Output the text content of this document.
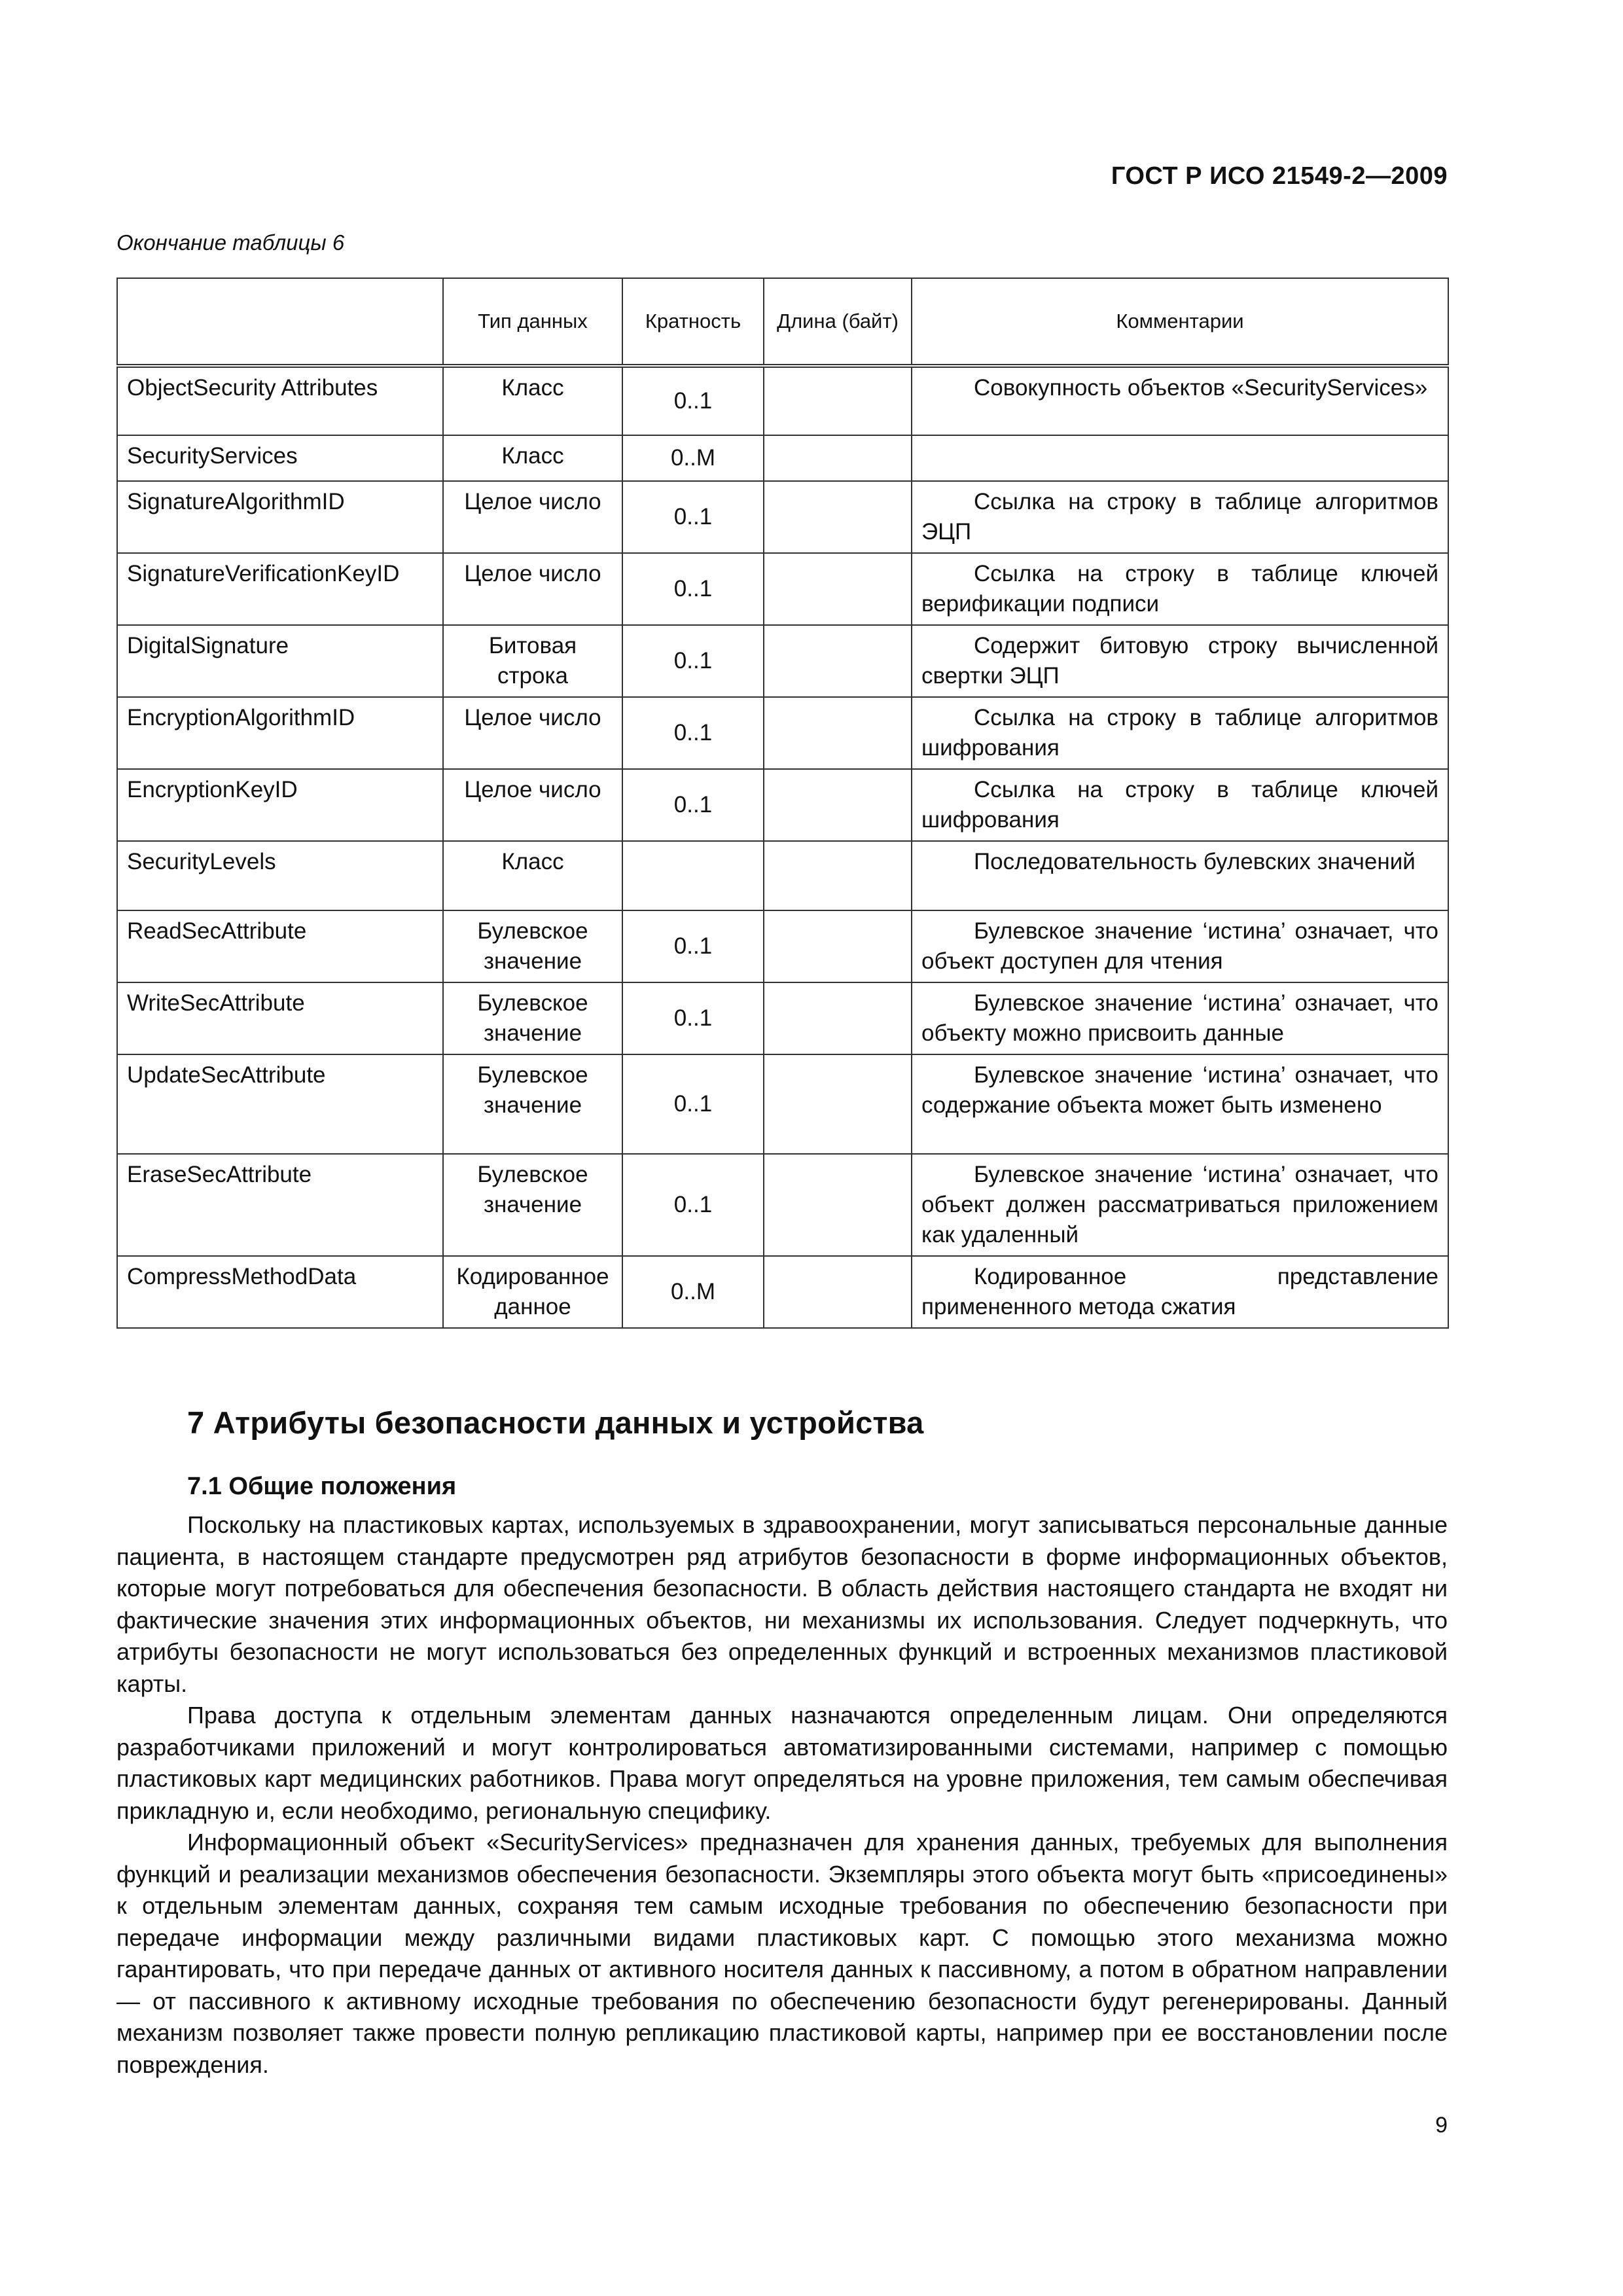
ГОСТ Р ИСО 21549-2—2009
Окончание таблицы 6
	Тип данных	Кратность	Длина (байт)	Комментарии
ObjectSecurity Attributes	Класс	0..1		Совокупность объектов «SecurityServices»
SecurityServices	Класс	0..M		
SignatureAlgorithmID	Целое число	0..1		Ссылка на строку в таблице алгоритмов ЭЦП
SignatureVerificationKeyID	Целое число	0..1		Ссылка на строку в таблице ключей верификации подписи
DigitalSignature	Битовая строка	0..1		Содержит битовую строку вычисленной свертки ЭЦП
EncryptionAlgorithmID	Целое число	0..1		Ссылка на строку в таблице алгоритмов шифрования
EncryptionKeyID	Целое число	0..1		Ссылка на строку в таблице ключей шифрования
SecurityLevels	Класс			Последовательность булевских значений
ReadSecAttribute	Булевское значение	0..1		Булевское значение ‘истина’ означает, что объект доступен для чтения
WriteSecAttribute	Булевское значение	0..1		Булевское значение ‘истина’ означает, что объекту можно присвоить данные
UpdateSecAttribute	Булевское значение	0..1		Булевское значение ‘истина’ означает, что содержание объекта может быть изменено
EraseSecAttribute	Булевское значение	0..1		Булевское значение ‘истина’ означает, что объект должен рассматриваться приложением как удаленный
CompressMethodData	Кодированное данное	0..M		Кодированное представление примененного метода сжатия
7 Атрибуты безопасности данных и устройства
7.1 Общие положения

Поскольку на пластиковых картах, используемых в здравоохранении, могут записываться персональные данные пациента, в настоящем стандарте предусмотрен ряд атрибутов безопасности в форме информационных объектов, которые могут потребоваться для обеспечения безопасности. В область действия настоящего стандарта не входят ни фактические значения этих информационных объектов, ни механизмы их использования. Следует подчеркнуть, что атрибуты безопасности не могут использоваться без определенных функций и встроенных механизмов пластиковой карты.

Права доступа к отдельным элементам данных назначаются определенным лицам. Они определяются разработчиками приложений и могут контролироваться автоматизированными системами, например с помощью пластиковых карт медицинских работников. Права могут определяться на уровне приложения, тем самым обеспечивая прикладную и, если необходимо, региональную специфику.

Информационный объект «SecurityServices» предназначен для хранения данных, требуемых для выполнения функций и реализации механизмов обеспечения безопасности. Экземпляры этого объекта могут быть «присоединены» к отдельным элементам данных, сохраняя тем самым исходные требования по обеспечению безопасности при передаче информации между различными видами пластиковых карт. С помощью этого механизма можно гарантировать, что при передаче данных от активного носителя данных к пассивному, а потом в обратном направлении — от пассивного к активному исходные требования по обеспечению безопасности будут регенерированы. Данный механизм позволяет также провести полную репликацию пластиковой карты, например при ее восстановлении после повреждения.

9
